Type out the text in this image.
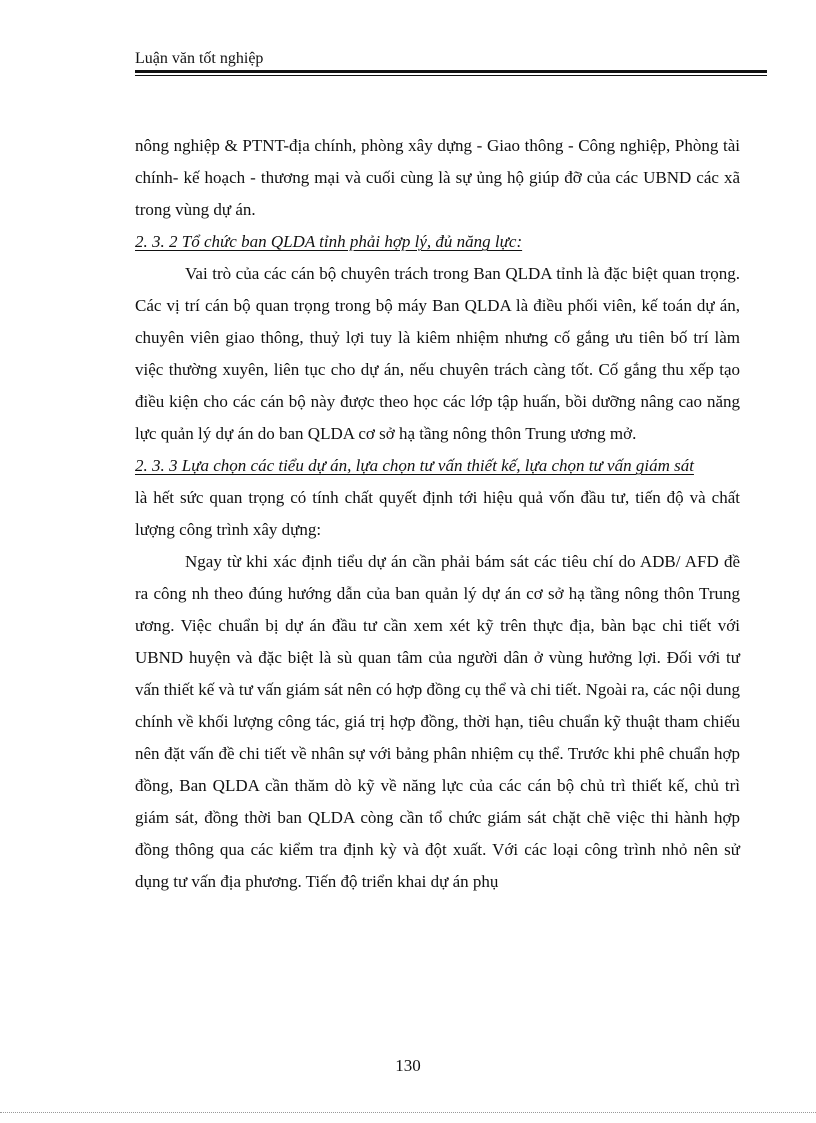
Luận văn tốt nghiệp

nông nghiệp & PTNT-địa chính, phòng xây dựng - Giao thông - Công nghiệp, Phòng tài chính- kế hoạch - thương mại và cuối cùng là sự ủng hộ giúp đỡ của các UBND các xã trong vùng dự án.

2. 3. 2 Tổ chức ban QLDA tỉnh phải hợp lý, đủ năng lực:

Vai trò của các cán bộ chuyên trách trong Ban QLDA tỉnh là đặc biệt quan trọng. Các vị trí cán bộ quan trọng trong bộ máy Ban QLDA là điều phối viên, kế toán dự án, chuyên viên giao thông, thuỷ lợi tuy là kiêm nhiệm nhưng cố gắng ưu tiên bố trí làm việc thường xuyên, liên tục cho dự án, nếu chuyên trách càng tốt. Cố gắng thu xếp tạo điều kiện cho các cán bộ này được theo học các lớp tập huấn, bồi dưỡng nâng cao năng lực quản lý dự án do ban QLDA cơ sở hạ tầng nông thôn Trung ương mở.

2. 3. 3 Lựa chọn các tiểu dự án, lựa chọn tư vấn thiết kế, lựa chọn tư vấn giám sát

là hết sức quan trọng có tính chất quyết định tới hiệu quả vốn đầu tư, tiến độ và chất lượng công trình xây dựng:

Ngay từ khi xác định tiểu dự án cần phải bám sát các tiêu chí do ADB/ AFD đề ra công nh theo đúng hướng dẫn của ban quản lý dự án cơ sở hạ tầng nông thôn Trung ương. Việc chuẩn bị dự án đầu tư cần xem xét kỹ trên thực địa, bàn bạc chi tiết với UBND huyện và đặc biệt là sù quan tâm của người dân ở vùng hưởng lợi. Đối với tư vấn thiết kế và tư vấn giám sát nên có hợp đồng cụ thể và chi tiết. Ngoài ra, các nội dung chính về khối lượng công tác, giá trị hợp đồng, thời hạn, tiêu chuẩn kỹ thuật tham chiếu nên đặt vấn đề chi tiết về nhân sự với bảng phân nhiệm cụ thể. Trước khi phê chuẩn hợp đồng, Ban QLDA cần thăm dò kỹ về năng lực của các cán bộ chủ trì thiết kế, chủ trì giám sát, đồng thời ban QLDA còng cần tổ chức giám sát chặt chẽ việc thi hành hợp đồng thông qua các kiểm tra định kỳ và đột xuất. Với các loại công trình nhỏ nên sử dụng tư vấn địa phương. Tiến độ triển khai dự án phụ

130
